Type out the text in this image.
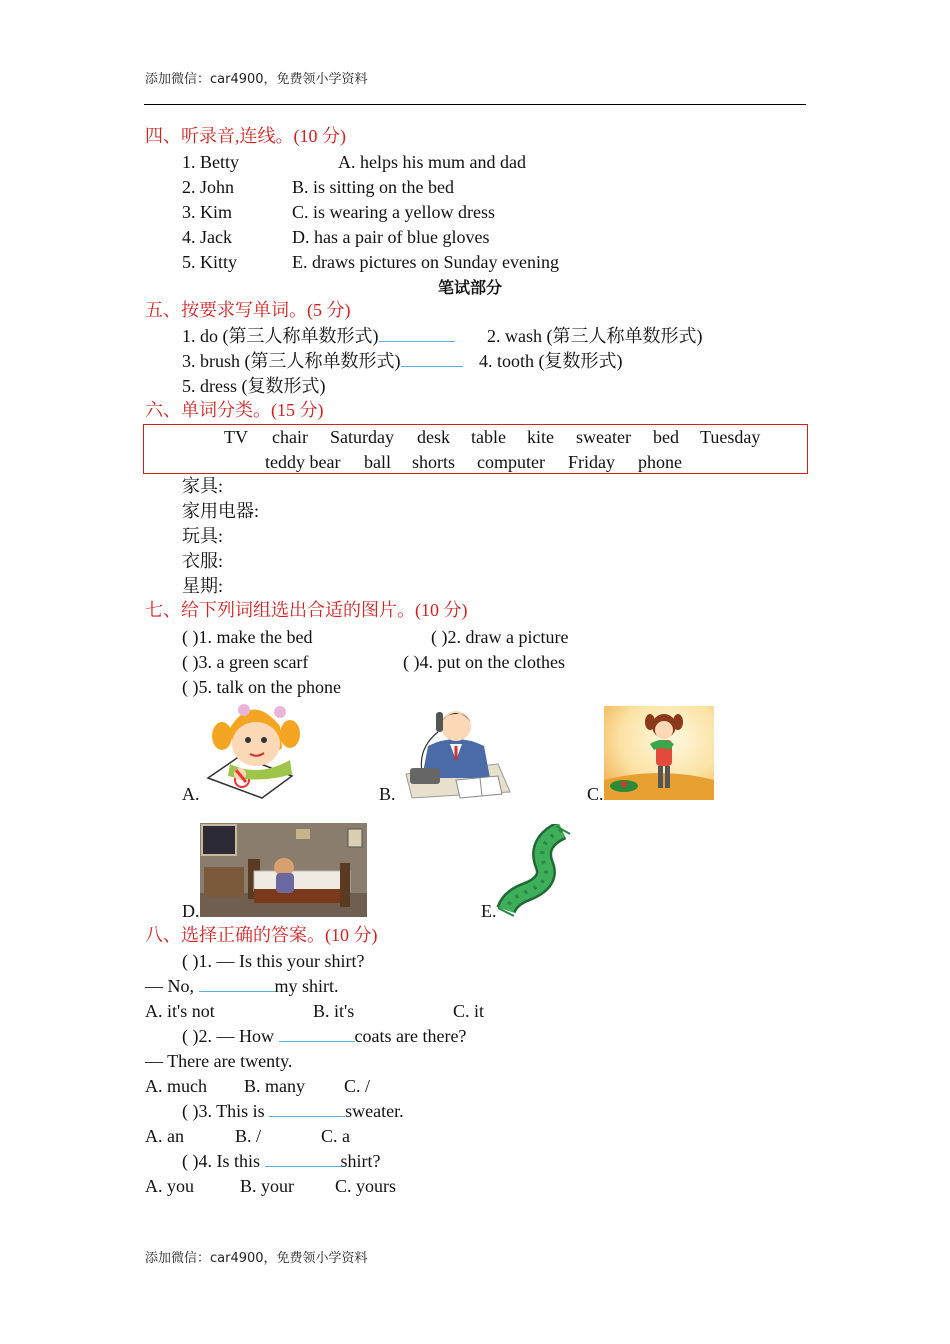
添加微信：car4900，免费领小学资料
四、听录音,连线。(10 分)
1. Betty	A. helps his mum and dad
2. John	B. is sitting on the bed
3. Kim	C. is wearing a yellow dress
4. Jack	D. has a pair of blue gloves
5. Kitty	E. draws pictures on Sunday evening
笔试部分
五、按要求写单词。(5 分)
1. do (第三人称单数形式)	2. wash (第三人称单数形式)
3. brush (第三人称单数形式)	4. tooth (复数形式)
5. dress (复数形式)
六、单词分类。(15 分)
TV chair Saturday desk table kite sweater bed Tuesday
teddy bear ball shorts computer Friday phone
家具:
家用电器:
玩具:
衣服:
星期:
七、给下列词组选出合适的图片。(10 分)
( )1. make the bed	( )2. draw a picture
( )3. a green scarf	( )4. put on the clothes
( )5. talk on the phone
A.	B.	C.
D.	E.
八、选择正确的答案。(10 分)
( )1. — Is this your shirt?
— No,	my shirt.
A. it's not	B. it's	C. it
( )2. — How	coats are there?
— There are twenty.
A. much B. many C. /
( )3. This is	sweater.
A. an	B. /	C. a
( )4. Is this	shirt?
A. you	B. your C. yours
添加微信：car4900，免费领小学资料
